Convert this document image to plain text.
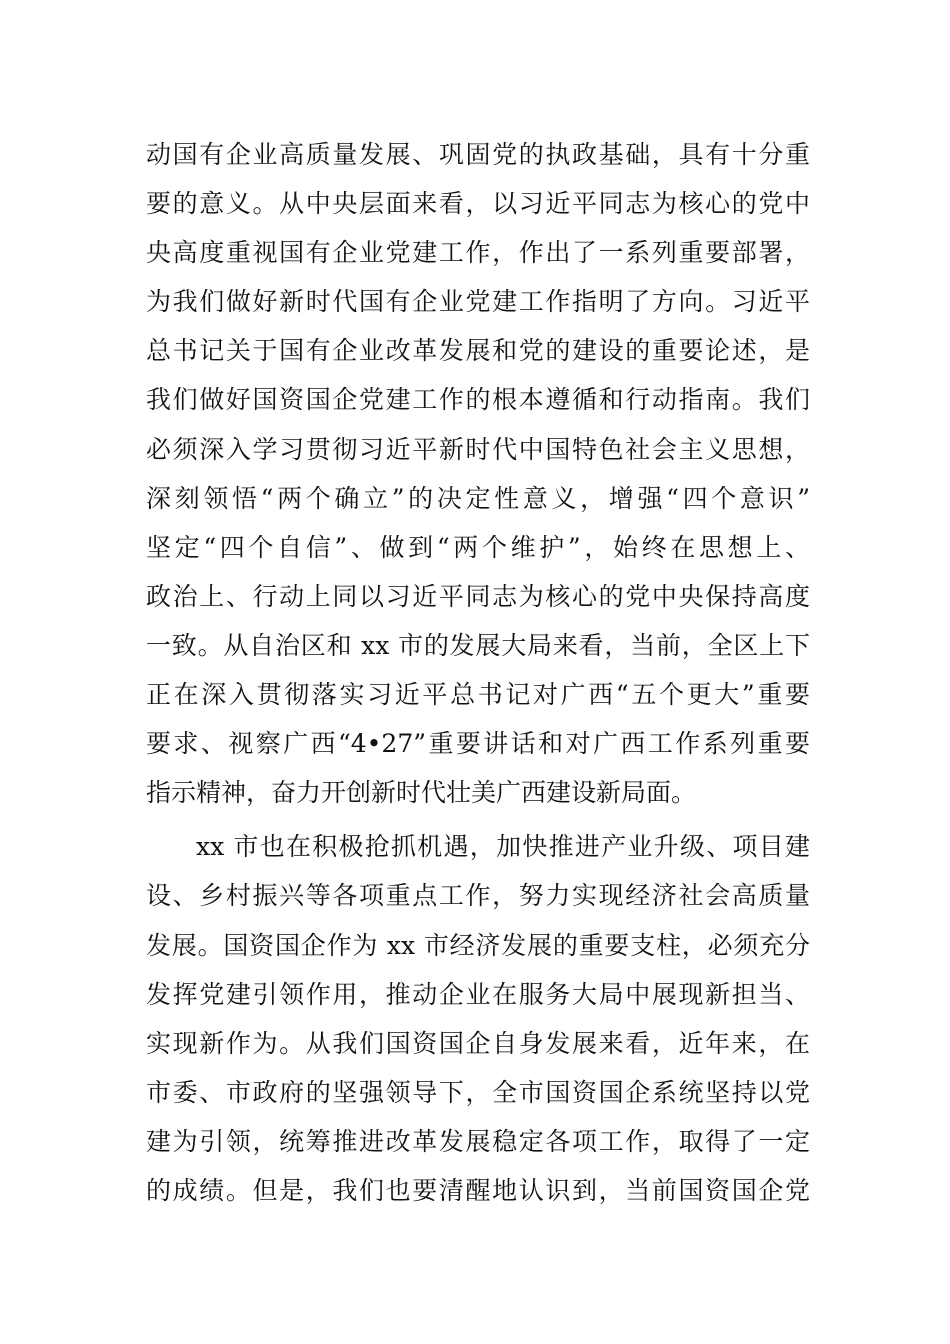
动国有企业高质量发展、巩固党的执政基础，具有十分重
要的意义。从中央层面来看，以习近平同志为核心的党中
央高度重视国有企业党建工作，作出了一系列重要部署，
为我们做好新时代国有企业党建工作指明了方向。习近平
总书记关于国有企业改革发展和党的建设的重要论述，是
我们做好国资国企党建工作的根本遵循和行动指南。我们
必须深入学习贯彻习近平新时代中国特色社会主义思想，
深刻领悟“两个确立”的决定性意义，增强“四个意识”
坚定“四个自信”、做到“两个维护”，始终在思想上、
政治上、行动上同以习近平同志为核心的党中央保持高度
一致。从自治区和 xx 市的发展大局来看，当前，全区上下
正在深入贯彻落实习近平总书记对广西“五个更大”重要
要求、视察广西“4•27”重要讲话和对广西工作系列重要
指示精神，奋力开创新时代壮美广西建设新局面。
xx 市也在积极抢抓机遇，加快推进产业升级、项目建
设、乡村振兴等各项重点工作，努力实现经济社会高质量
发展。国资国企作为 xx 市经济发展的重要支柱，必须充分
发挥党建引领作用，推动企业在服务大局中展现新担当、
实现新作为。从我们国资国企自身发展来看，近年来，在
市委、市政府的坚强领导下，全市国资国企系统坚持以党
建为引领，统筹推进改革发展稳定各项工作，取得了一定
的成绩。但是，我们也要清醒地认识到，当前国资国企党
